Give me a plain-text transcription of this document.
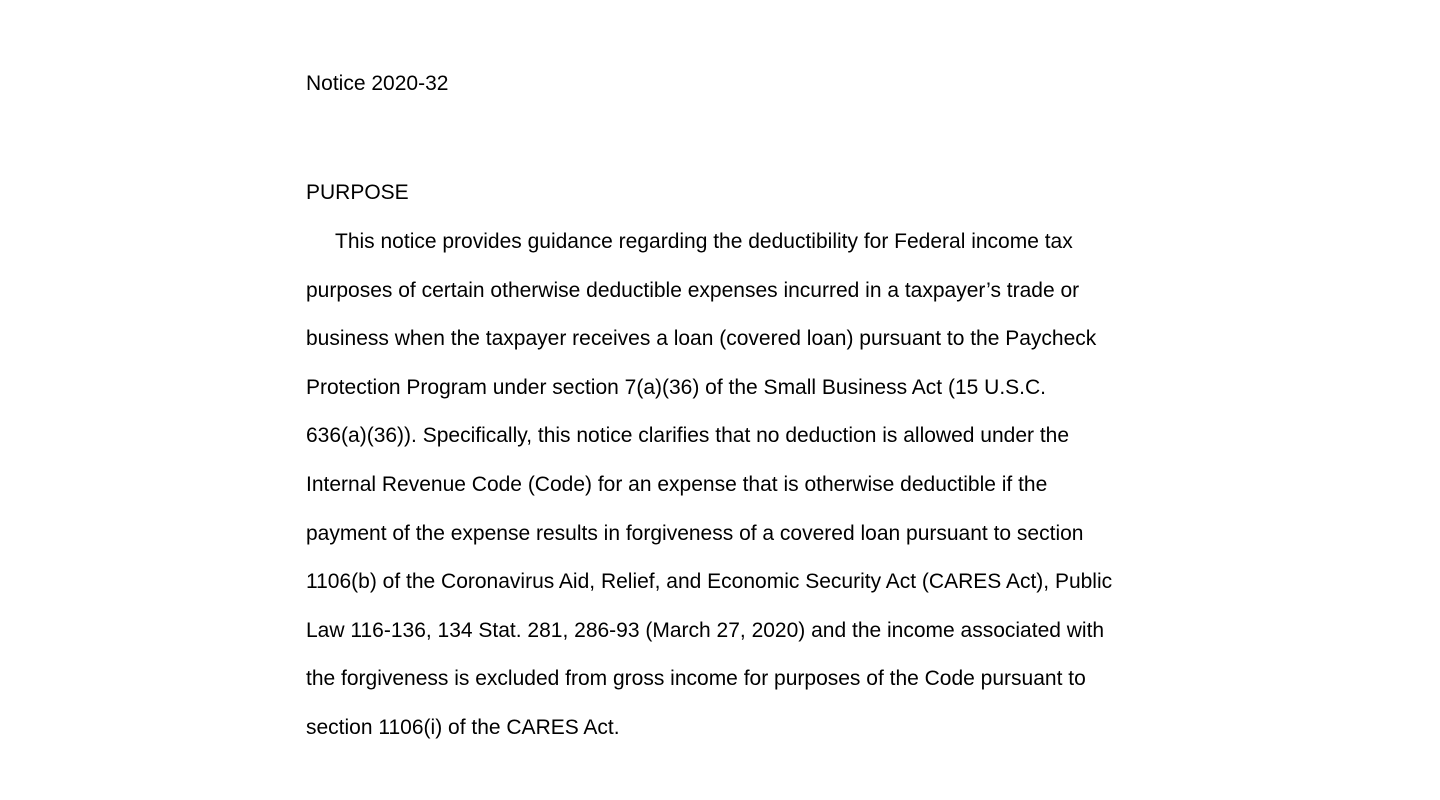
Notice 2020-32
PURPOSE
This notice provides guidance regarding the deductibility for Federal income tax
purposes of certain otherwise deductible expenses incurred in a taxpayer’s trade or
business when the taxpayer receives a loan (covered loan) pursuant to the Paycheck
Protection Program under section 7(a)(36) of the Small Business Act (15 U.S.C.
636(a)(36)). Specifically, this notice clarifies that no deduction is allowed under the
Internal Revenue Code (Code) for an expense that is otherwise deductible if the
payment of the expense results in forgiveness of a covered loan pursuant to section
1106(b) of the Coronavirus Aid, Relief, and Economic Security Act (CARES Act), Public
Law 116-136, 134 Stat. 281, 286-93 (March 27, 2020) and the income associated with
the forgiveness is excluded from gross income for purposes of the Code pursuant to
section 1106(i) of the CARES Act.
